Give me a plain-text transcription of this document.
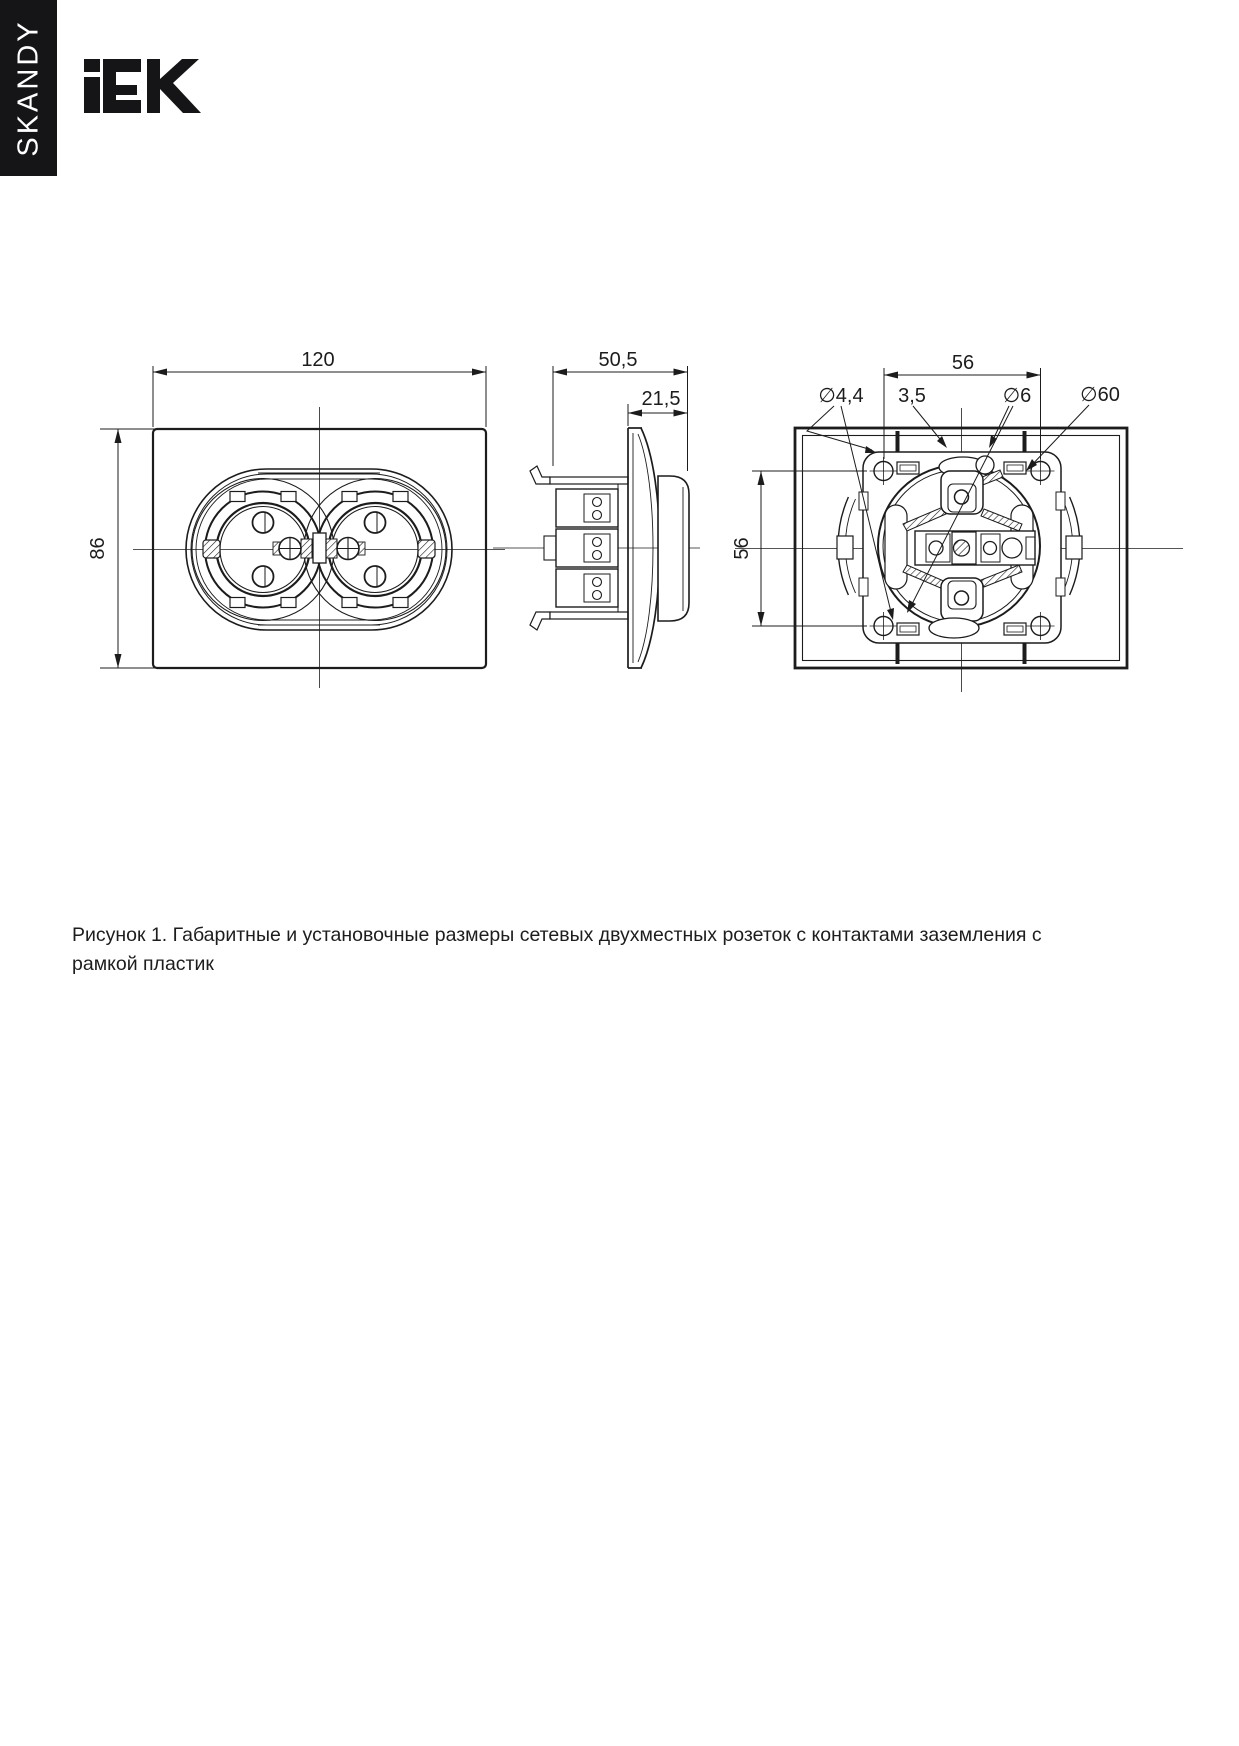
SKANDY
120
86
50,5
21,5
56
56
∅4,4 3,5	∅6 ∅60
Рисунок 1. Габаритные и установочные размеры сетевых двухместных розеток с контактами заземления с
рамкой пластик
